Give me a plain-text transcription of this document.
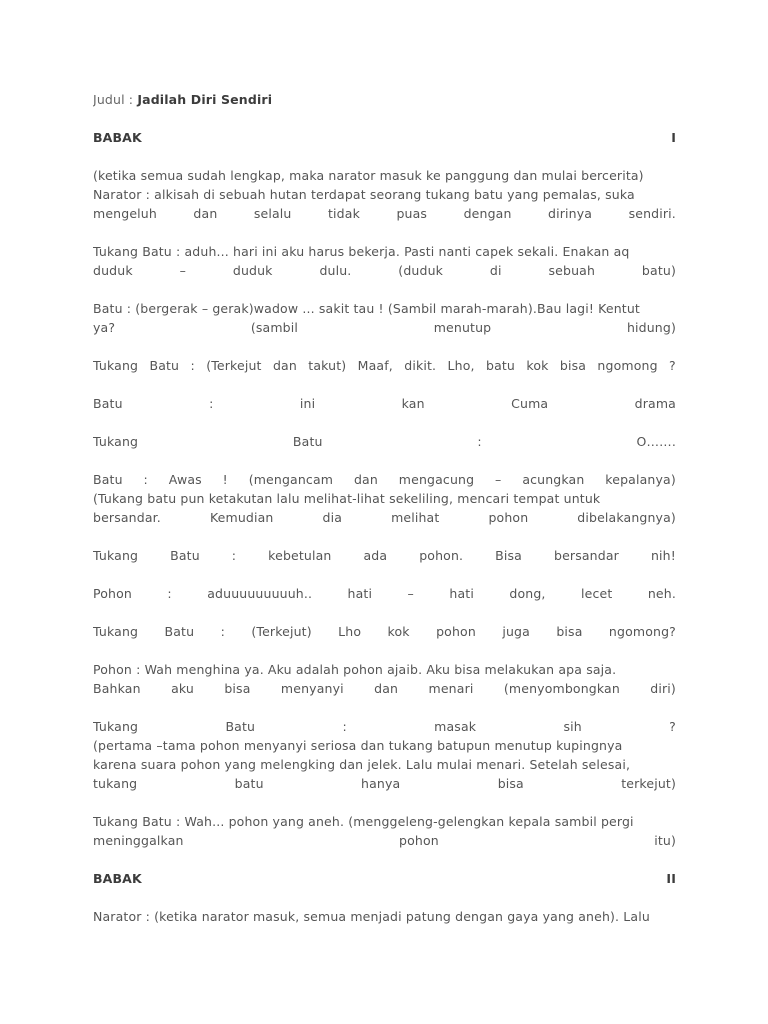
Judul : Jadilah Diri Sendiri
BABAK	I
(ketika semua sudah lengkap, maka narator masuk ke panggung dan mulai bercerita)
Narator : alkisah di sebuah hutan terdapat seorang tukang batu yang pemalas, suka
mengeluh	dan	selalu	tidak	puas	dengan	dirinya	sendiri.
Tukang Batu : aduh... hari ini aku harus bekerja. Pasti nanti capek sekali. Enakan aq
duduk	–	duduk	dulu.	(duduk	di	sebuah	batu)
Batu : (bergerak – gerak)wadow ... sakit tau ! (Sambil marah-marah).Bau lagi! Kentut
ya?	(sambil	menutup	hidung)
Tukang Batu : (Terkejut dan takut) Maaf, dikit. Lho, batu kok bisa ngomong ?
Batu	:	ini	kan	Cuma	drama
Tukang	Batu	:	O…….
Batu : Awas ! (mengancam dan mengacung – acungkan kepalanya)
(Tukang batu pun ketakutan lalu melihat-lihat sekeliling, mencari tempat untuk
bersandar.	Kemudian	dia	melihat	pohon	dibelakangnya)
Tukang	Batu	:	kebetulan	ada	pohon.	Bisa	bersandar	nih!
Pohon	:	aduuuuuuuuuh..	hati	–	hati	dong,	lecet	neh.
Tukang Batu : (Terkejut) Lho kok pohon juga bisa ngomong?
Pohon : Wah menghina ya. Aku adalah pohon ajaib. Aku bisa melakukan apa saja.
Bahkan aku bisa menyanyi dan menari (menyombongkan diri)
Tukang	Batu	:	masak	sih	?
(pertama –tama pohon menyanyi seriosa dan tukang batupun menutup kupingnya
karena suara pohon yang melengking dan jelek. Lalu mulai menari. Setelah selesai,
tukang	batu	hanya	bisa	terkejut)
Tukang Batu : Wah... pohon yang aneh. (menggeleng-gelengkan kepala sambil pergi
meninggalkan	pohon	itu)
BABAK	II
Narator : (ketika narator masuk, semua menjadi patung dengan gaya yang aneh). Lalu
